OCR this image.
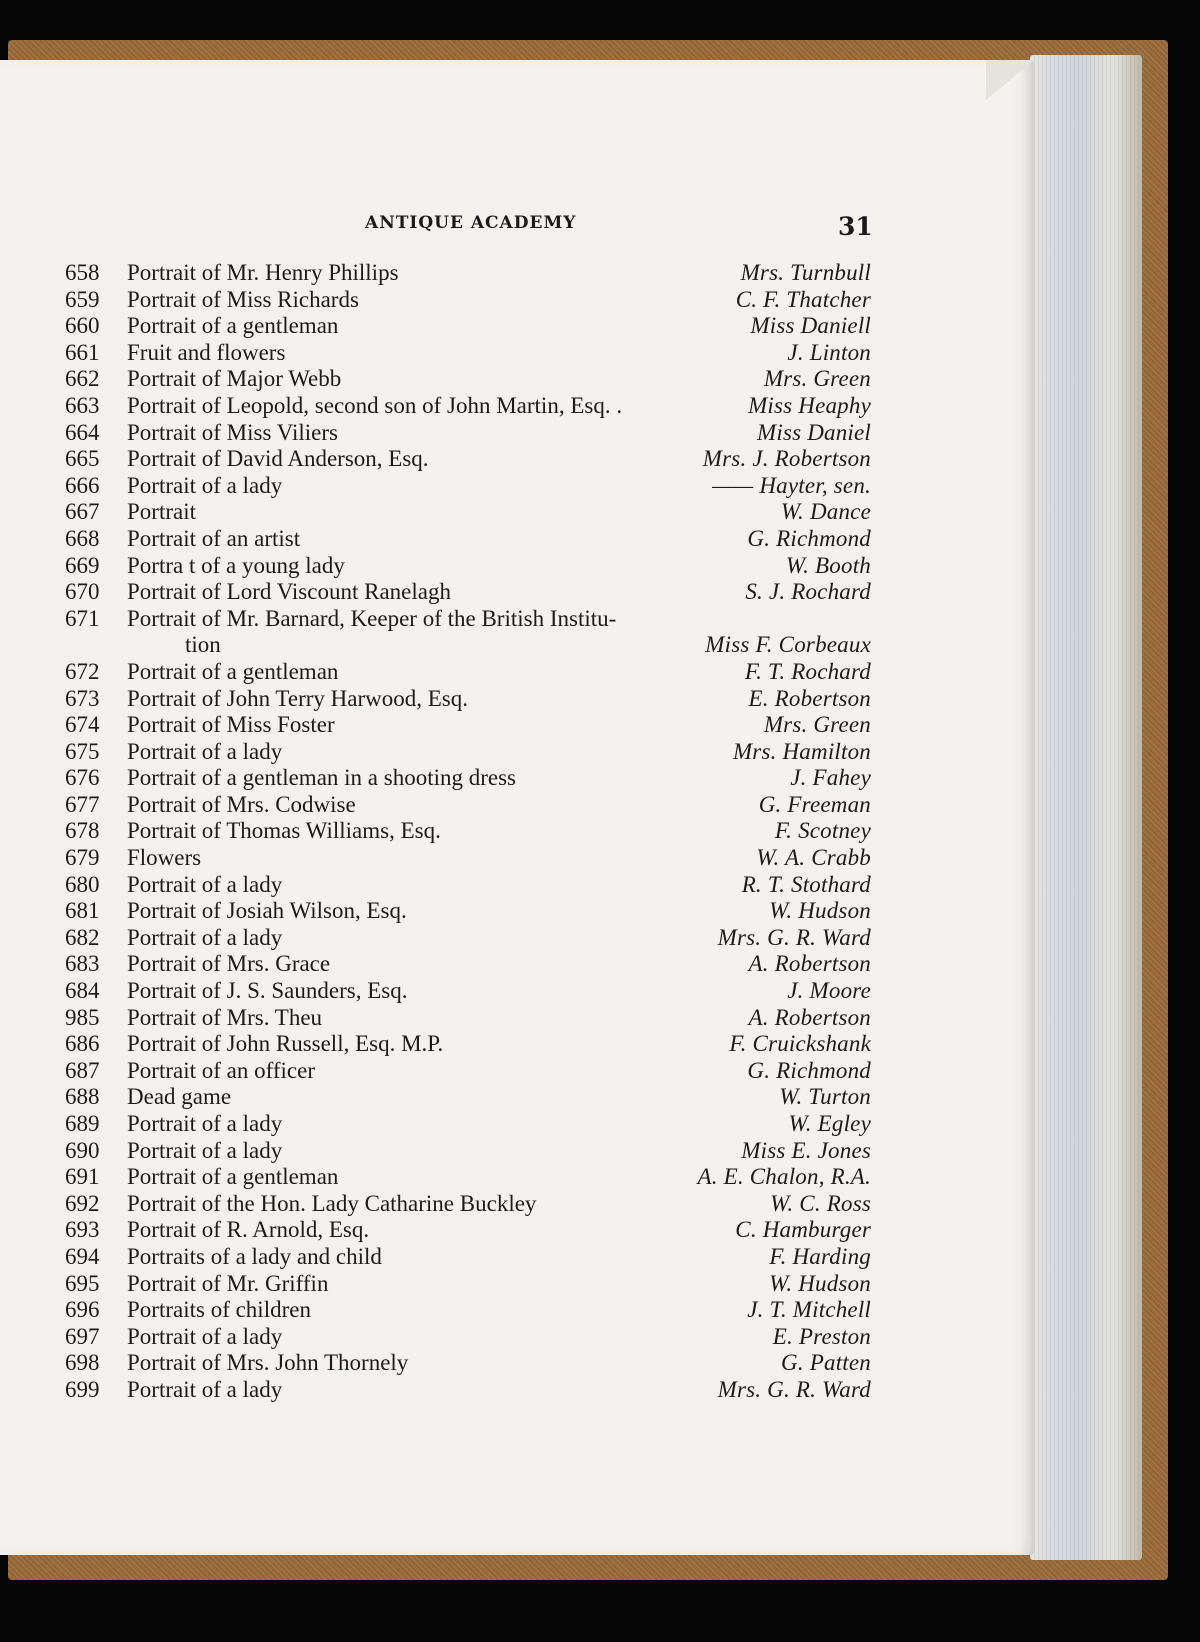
ANTIQUE ACADEMY	31
658	Portrait of Mr. Henry Phillips	Mrs. Turnbull
659	Portrait of Miss Richards	C. F. Thatcher
660	Portrait of a gentleman	Miss Daniell
661	Fruit and flowers	J. Linton
662	Portrait of Major Webb	Mrs. Green
663	Portrait of Leopold, second son of John Martin, Esq. .	Miss Heaphy
664	Portrait of Miss Viliers	Miss Daniel
665	Portrait of David Anderson, Esq.	Mrs. J. Robertson
666	Portrait of a lady	—— Hayter, sen.
667	Portrait	W. Dance
668	Portrait of an artist	G. Richmond
669	Portra t of a young lady	W. Booth
670	Portrait of Lord Viscount Ranelagh	S. J. Rochard
671	Portrait of Mr. Barnard, Keeper of the British Institu-
tion	Miss F. Corbeaux
672	Portrait of a gentleman	F. T. Rochard
673	Portrait of John Terry Harwood, Esq.	E. Robertson
674	Portrait of Miss Foster	Mrs. Green
675	Portrait of a lady	Mrs. Hamilton
676	Portrait of a gentleman in a shooting dress	J. Fahey
677	Portrait of Mrs. Codwise	G. Freeman
678	Portrait of Thomas Williams, Esq.	F. Scotney
679	Flowers	W. A. Crabb
680	Portrait of a lady	R. T. Stothard
681	Portrait of Josiah Wilson, Esq.	W. Hudson
682	Portrait of a lady	Mrs. G. R. Ward
683	Portrait of Mrs. Grace	A. Robertson
684	Portrait of J. S. Saunders, Esq.	J. Moore
985	Portrait of Mrs. Theu	A. Robertson
686	Portrait of John Russell, Esq. M.P.	F. Cruickshank
687	Portrait of an officer	G. Richmond
688	Dead game	W. Turton
689	Portrait of a lady	W. Egley
690	Portrait of a lady	Miss E. Jones
691	Portrait of a gentleman	A. E. Chalon, R.A.
692	Portrait of the Hon. Lady Catharine Buckley	W. C. Ross
693	Portrait of R. Arnold, Esq.	C. Hamburger
694	Portraits of a lady and child	F. Harding
695	Portrait of Mr. Griffin	W. Hudson
696	Portraits of children	J. T. Mitchell
697	Portrait of a lady	E. Preston
698	Portrait of Mrs. John Thornely	G. Patten
699	Portrait of a lady	Mrs. G. R. Ward
